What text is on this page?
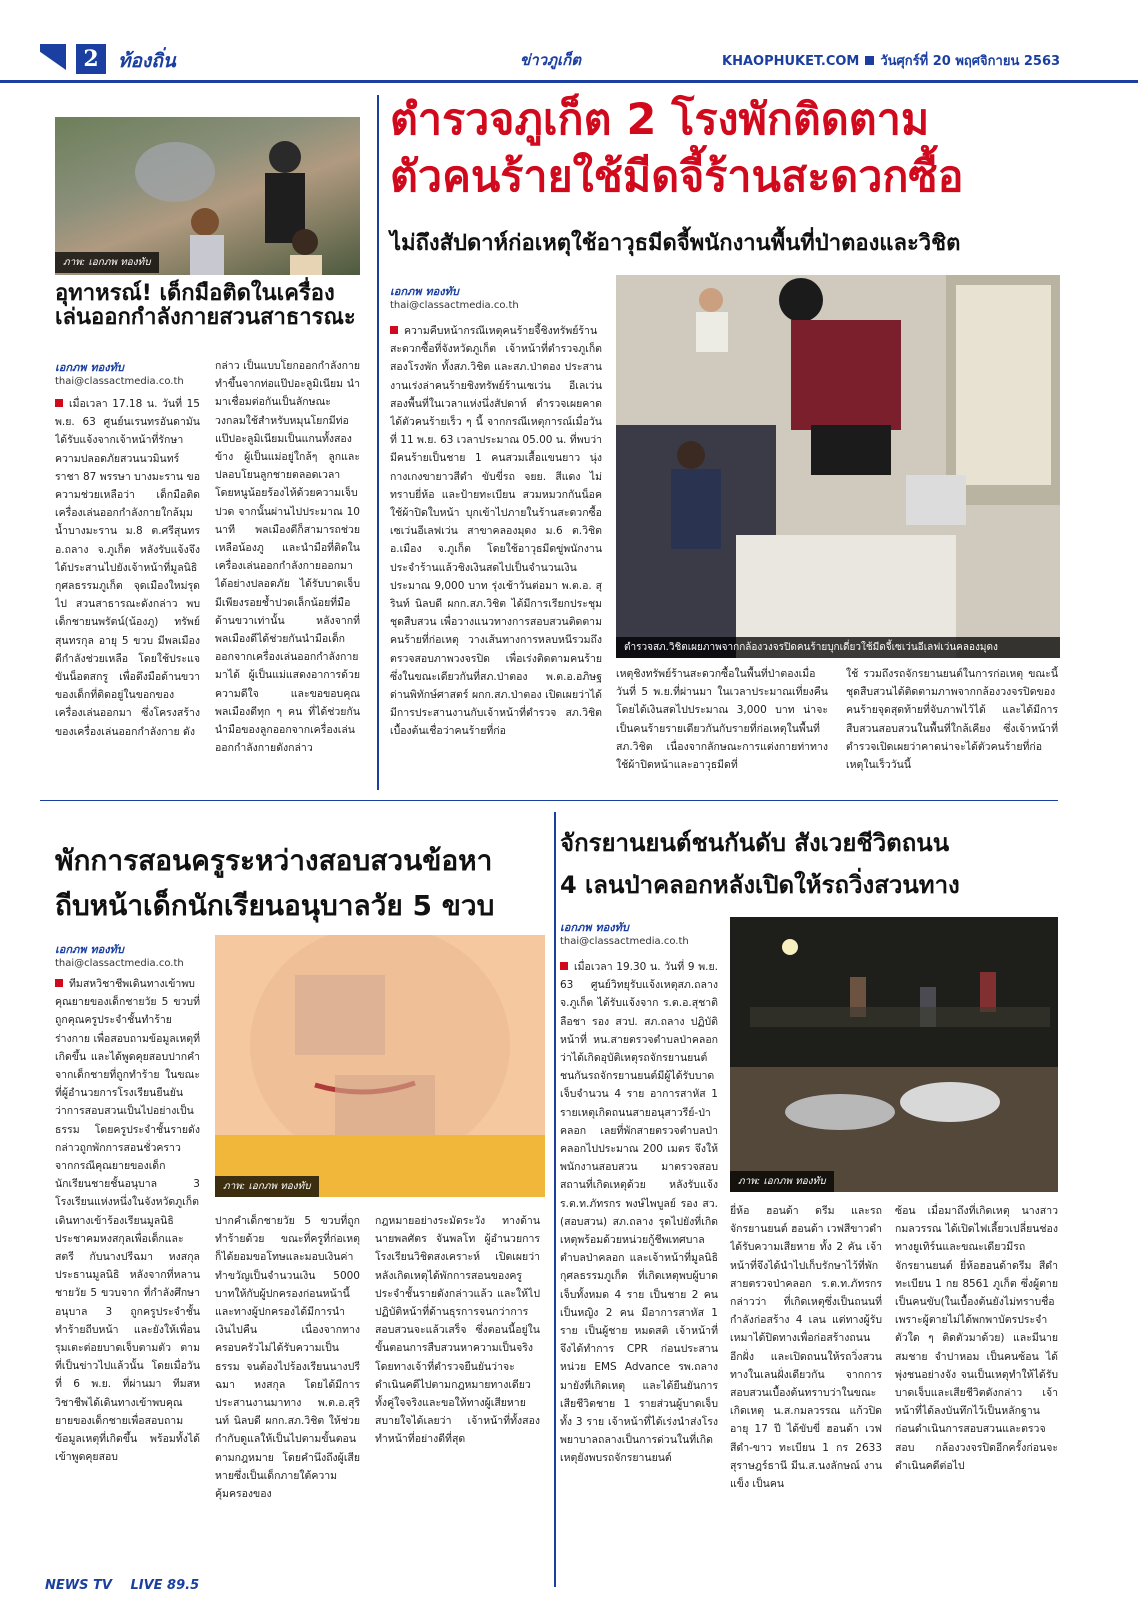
2	ท้องถิ่น	ข่าวภูเก็ต	KHAOPHUKET.COM วันศุกร์ที่ 20 พฤศจิกายน 2563
ภาพ: เอกภพ ทองทับ
อุทาหรณ์! เด็กมือติดในเครื่อง
เล่นออกกำลังกายสวนสาธารณะ
เอกภพ ทองทับ
thai@classactmedia.co.th
เมื่อเวลา 17.18 น. วันที่ 15 พ.ย. 63 ศูนย์นเรนทรอันดามันได้รับแจ้งจากเจ้าหน้าที่รักษาความปลอดภัยสวนนวมินทร์ราชา 87 พรรษา บางมะราน ขอความช่วยเหลือว่า เด็กมือติดเครื่องเล่นออกกำลังกายใกล้มุมน้ำบางมะราน ม.8 ต.ศรีสุนทร อ.ถลาง จ.ภูเก็ต หลังรับแจ้งจึงได้ประสานไปยังเจ้าหน้าที่มูลนิธิกุศลธรรมภูเก็ต จุดเมืองใหม่รุดไป สวนสาธารณะดังกล่าว พบเด็กชายนพรัตน์(น้องภู) ทรัพย์สุนทรกุล อายุ 5 ขวบ มีพลเมืองดีกำลังช่วยเหลือ โดยใช้ประแจ ขันน็อตสกรู เพื่อดึงมือด้านขวาของเด็กที่ติดอยู่ในขอกของเครื่องเล่นออกมา ซึ่งโครงสร้างของเครื่องเล่นออกกำลังกาย ดัง
กล่าว เป็นแบบโยกออกกำลังกายทำขึ้นจากท่อแป๊ปอะลูมิเนียม นำมาเชื่อมต่อกันเป็นลักษณะวงกลมใช้สำหรับหมุนโยกมีท่อแป๊ปอะลูมิเนียมเป็นแกนทั้งสองข้าง ผู้เป็นแม่อยู่ใกล้ๆ ลูกและปลอบโยนลูกชายตลอดเวลา โดยหนูน้อยร้องไห้ด้วยความเจ็บปวด จากนั้นผ่านไปประมาณ 10 นาที พลเมืองดีก็สามารถช่วยเหลือน้องภู และนำมือที่ติดในเครื่องเล่นออกกำลังกายออกมาได้อย่างปลอดภัย ได้รับบาดเจ็บมีเพียงรอยช้ำปวดเล็กน้อยที่มือด้านขวาเท่านั้น หลังจากที่พลเมืองดีได้ช่วยกันนำมือเด็กออกจากเครื่องเล่นออกกำลังกายมาได้ ผู้เป็นแม่แสดงอาการด้วยความดีใจ และขอขอบคุณพลเมืองดีทุก ๆ คน ที่ได้ช่วยกันนำมือของลูกออกจากเครื่องเล่นออกกำลังกายดังกล่าว
ตำรวจภูเก็ต 2 โรงพักติดตาม
ตัวคนร้ายใช้มีดจี้ร้านสะดวกซื้อ
ไม่ถึงสัปดาห์ก่อเหตุใช้อาวุธมีดจี้พนักงานพื้นที่ป่าตองและวิชิต
เอกภพ ทองทับ
thai@classactmedia.co.th
ความคืบหน้ากรณีเหตุคนร้ายจี้ชิงทรัพย์ร้านสะดวกซื้อที่จังหวัดภูเก็ต เจ้าหน้าที่ตำรวจภูเก็ตสองโรงพัก ทั้งสภ.วิชิต และสภ.ป่าตอง ประสานงานเร่งล่าคนร้ายชิงทรัพย์ร้านเซเว่น อีเลเว่นสองพื้นที่ในเวลาแห่งนึ่งสัปดาห์ ตำรวจเผยคาดได้ตัวคนร้ายเร็ว ๆ นี้ จากกรณีเหตุการณ์เมื่อวันที่ 11 พ.ย. 63 เวลาประมาณ 05.00 น. ที่พบว่ามีคนร้ายเป็นชาย 1 คนสวมเสื้อแขนยาว นุ่งกางเกงขายาวสีดำ ขับขี่รถ จยย. สีแดง ไม่ทราบยี่ห้อ และป้ายทะเบียน สวมหมวกกันน็อค ใช้ผ้าปิดใบหน้า บุกเข้าไปภายในร้านสะดวกซื้อเซเว่นอีเลฟเว่น สาขาคลองมุดง ม.6 ต.วิชิต อ.เมือง จ.ภูเก็ต โดยใช้อาวุธมีดขู่พนักงานประจำร้านแล้วชิงเงินสดไปเป็นจำนวนเงินประมาณ 9,000 บาท รุ่งเช้าวันต่อมา พ.ต.อ. สุรินท์ นิลบดี ผกก.สภ.วิชิต ได้มีการเรียกประชุมชุดสืบสวน เพื่อวางแนวทางการสอบสวนติดตามคนร้ายที่ก่อเหตุ วางเส้นทางการหลบหนีรวมถึงตรวจสอบภาพวงจรปิด เพื่อเร่งติดตามคนร้าย ซึ่งในขณะเดียวกันที่สภ.ป่าตอง พ.ต.อ.อภิษฐ ด่านพิทักษ์ศาสตร์ ผกก.สภ.ป่าตอง เปิดเผยว่าได้มีการประสานงานกับเจ้าหน้าที่ตำรวจ สภ.วิชิต เบื้องต้นเชื่อว่าคนร้ายที่ก่อ
ตำรวจสภ.วิชิตเผยภาพจากกล้องวงจรปิดคนร้ายบุกเดี่ยวใช้มีดจี้เซเว่นอีเลฟเว่นคลองมุดง
เหตุชิงทรัพย์ร้านสะดวกซื้อในพื้นที่ป่าตองเมื่อวันที่ 5 พ.ย.ที่ผ่านมา ในเวลาประมาณเที่ยงคืน โดยได้เงินสดไปประมาณ 3,000 บาท น่าจะเป็นคนร้ายรายเดียวกันกับรายที่ก่อเหตุในพื้นที่สภ.วิชิต เนื่องจากลักษณะการแต่งกายท่าทางใช้ผ้าปิดหน้าและอาวุธมีดที่
ใช้ รวมถึงรถจักรยานยนต์ในการก่อเหตุ ขณะนี้ชุดสืบสวนได้ติดตามภาพจากกล้องวงจรปิดของคนร้ายจุดสุดท้ายที่จับภาพไว้ได้ และได้มีการสืบสวนสอบสวนในพื้นที่ใกล้เคียง ซึ่งเจ้าหน้าที่ตำรวจเปิดเผยว่าคาดน่าจะได้ตัวคนร้ายที่ก่อเหตุในเร็ววันนี้
พักการสอนครูระหว่างสอบสวนข้อหา
ถีบหน้าเด็กนักเรียนอนุบาลวัย 5 ขวบ
เอกภพ ทองทับ
thai@classactmedia.co.th
ทีมสหวิชาชีพเดินทางเข้าพบคุณยายของเด็กชายวัย 5 ขวบที่ถูกคุณครูประจำชั้นทำร้ายร่างกาย เพื่อสอบถามข้อมูลเหตุที่เกิดขึ้น และได้พูดคุยสอบปากคำจากเด็กชายที่ถูกทำร้าย ในขณะที่ผู้อำนวยการโรงเรียนยืนยันว่าการสอบสวนเป็นไปอย่างเป็นธรรม โดยครูประจำชั้นรายดังกล่าวถูกพักการสอนชั่วคราว จากกรณีคุณยายของเด็กนักเรียนชายชั้นอนุบาล 3 โรงเรียนแห่งหนึ่งในจังหวัดภูเก็ต เดินทางเข้าร้องเรียนมูลนิธิประชาคมหงสกุลเพื่อเด็กและสตรี กับนางปรีฉมา หงสกุล ประธานมูลนิธิ หลังจากที่หลานชายวัย 5 ขวบจาก ที่กำลังศึกษาอนุบาล 3 ถูกครูประจำชั้นทำร้ายถีบหน้า และยังให้เพื่อนรุมเตะต่อยบาดเจ็บตามตัว ตามที่เป็นข่าวไปแล้วนั้น โดยเมื่อวันที่ 6 พ.ย. ที่ผ่านมา ทีมสหวิชาชีพได้เดินทางเข้าพบคุณยายของเด็กชายเพื่อสอบถามข้อมูลเหตุที่เกิดขึ้น พร้อมทั้งได้เข้าพูดคุยสอบ
ภาพ: เอกภพ ทองทับ
ปากคำเด็กชายวัย 5 ขวบที่ถูกทำร้ายด้วย ขณะที่ครูที่ก่อเหตุก็ได้ยอมขอโทษและมอบเงินค่าทำขวัญเป็นจำนวนเงิน 5000 บาทให้กับผู้ปกครองก่อนหน้านี้ และทางผู้ปกครองได้มีการนำเงินไปคืน เนื่องจากทางครอบครัวไม่ได้รับความเป็นธรรม จนต้องไปร้องเรียนนางปรีฉมา หงสกุล โดยได้มีการประสานงานมาทาง พ.ต.อ.สุรินท์ นิลบดี ผกก.สภ.วิชิต ให้ช่วยกำกับดูแลให้เป็นไปตามขั้นตอนตามกฎหมาย โดยคำนึงถึงผู้เสียหายซึ่งเป็นเด็กภายใต้ความคุ้มครองของ
กฎหมายอย่างระมัดระวัง ทางด้าน นายพลศัตร จันพลโท ผู้อำนวยการโรงเรียนวิชิตสงเคราะห์ เปิดเผยว่า หลังเกิดเหตุได้พักการสอนของครูประจำชั้นรายดังกล่าวแล้ว และให้ไปปฏิบัติหน้าที่ด้านธุรการจนกว่าการสอบสวนจะแล้วเสร็จ ซึ่งตอนนี้อยู่ในขั้นตอนการสืบสวนหาความเป็นจริง โดยทางเจ้าที่ตำรวจยืนยันว่าจะดำเนินคดีไปตามกฎหมายทางเดียวทั้งคู่ใจจริงและขอให้ทางผู้เสียหายสบายใจได้เลยว่า เจ้าหน้าที่ทั้งสองทำหน้าที่อย่างดีที่สุด
จักรยานยนต์ชนกันดับ สังเวยชีวิตถนน
4 เลนป่าคลอกหลังเปิดให้รถวิ่งสวนทาง
เอกภพ ทองทับ
thai@classactmedia.co.th
เมื่อเวลา 19.30 น. วันที่ 9 พ.ย. 63 ศูนย์วิทยุรับแจ้งเหตุสภ.ถลาง จ.ภูเก็ต ได้รับแจ้งจาก ร.ต.อ.สุชาติ ลือชา รอง สวป. สภ.ถลาง ปฏิบัติหน้าที่ หน.สายตรวจตำบลป่าคลอก ว่าได้เกิดอุบัติเหตุรถจักรยานยนต์ชนกันรถจักรยานยนต์มีผู้ได้รับบาดเจ็บจำนวน 4 ราย อาการสาหัส 1 รายเหตุเกิดถนนสายอนุสาวรีย์-ป่าคลอก เลยที่พักสายตรวจตำบลป่าคลอกไปประมาณ 200 เมตร จึงให้พนักงานสอบสวน มาตรวจสอบสถานที่เกิดเหตุด้วย หลังรับแจ้ง ร.ต.ท.ภัทรกร พงษ์ไพบูลย์ รอง สว.(สอบสวน) สภ.ถลาง รุดไปยังที่เกิดเหตุพร้อมด้วยหน่วยกู้ชีพเทศบาลตำบลป่าคลอก และเจ้าหน้าที่มูลนิธิกุศลธรรมภูเก็ต ที่เกิดเหตุพบผู้บาดเจ็บทั้งหมด 4 ราย เป็นชาย 2 คน เป็นหญิง 2 คน มีอาการสาหัส 1 ราย เป็นผู้ชาย หมดสติ เจ้าหน้าที่ จึงได้ทำการ CPR ก่อนประสานหน่วย EMS Advance รพ.ถลาง มายังที่เกิดเหตุ และได้ยืนยันการเสียชีวิตชาย 1 รายส่วนผู้บาดเจ็บทั้ง 3 ราย เจ้าหน้าที่ได้เร่งนำส่งโรงพยาบาลถลางเป็นการด่วนในที่เกิดเหตุยังพบรถจักรยานยนต์
ภาพ: เอกภพ ทองทับ
ยี่ห้อ ฮอนด้า ดรีม และรถจักรยานยนต์ ฮอนด้า เวฟสีขาวดำได้รับความเสียหาย ทั้ง 2 คัน เจ้าหน้าที่จึงได้นำไปเก็บรักษาไว้ที่พักสายตรวจป่าคลอก ร.ต.ท.ภัทรกร กล่าวว่า ที่เกิดเหตุซึ่งเป็นถนนที่กำลังก่อสร้าง 4 เลน แต่ทางผู้รับเหมาได้ปิดทางเพื่อก่อสร้างถนนอีกฝั่ง และเปิดถนนให้รถวิ่งสวนทางในเลนฝั่งเดียวกัน จากการสอบสวนเบื้องต้นทราบว่าในขณะเกิดเหตุ น.ส.กมลวรรณ แก้วปิด อายุ 17 ปี ได้ขับขี่ ฮอนด้า เวฟ สีดำ-ขาว ทะเบียน 1 กร 2633 สุราษฎร์ธานี มีน.ส.นงลักษณ์ งานแข็ง เป็นคน
ซ้อน เมื่อมาถึงที่เกิดเหตุ นางสาวกมลวรรณ ได้เปิดไฟเลี้ยวเปลี่ยนช่องทางยูเทิร์นและขณะเดียวมีรถจักรยานยนต์ ยี่ห้อฮอนด้าดรีม สีดำ ทะเบียน 1 กย 8561 ภูเก็ต ซึ่งผู้ตายเป็นคนขับ(ในเบื้องต้นยังไม่ทราบชื่อ เพราะผู้ตายไม่ได้พกพาบัตรประจำตัวใด ๆ ติดตัวมาด้วย) และมีนายสมชาย จำปาหอม เป็นคนซ้อน ได้พุ่งชนอย่างจัง จนเป็นเหตุทำให้ได้รับบาดเจ็บและเสียชีวิตดังกล่าว เจ้าหน้าที่ได้ลงบันทึกไว้เป็นหลักฐาน ก่อนดำเนินการสอบสวนและตรวจสอบ กล้องวงจรปิดอีกครั้งก่อนจะดำเนินคดีต่อไป
NEWS TV LIVE 89.5
